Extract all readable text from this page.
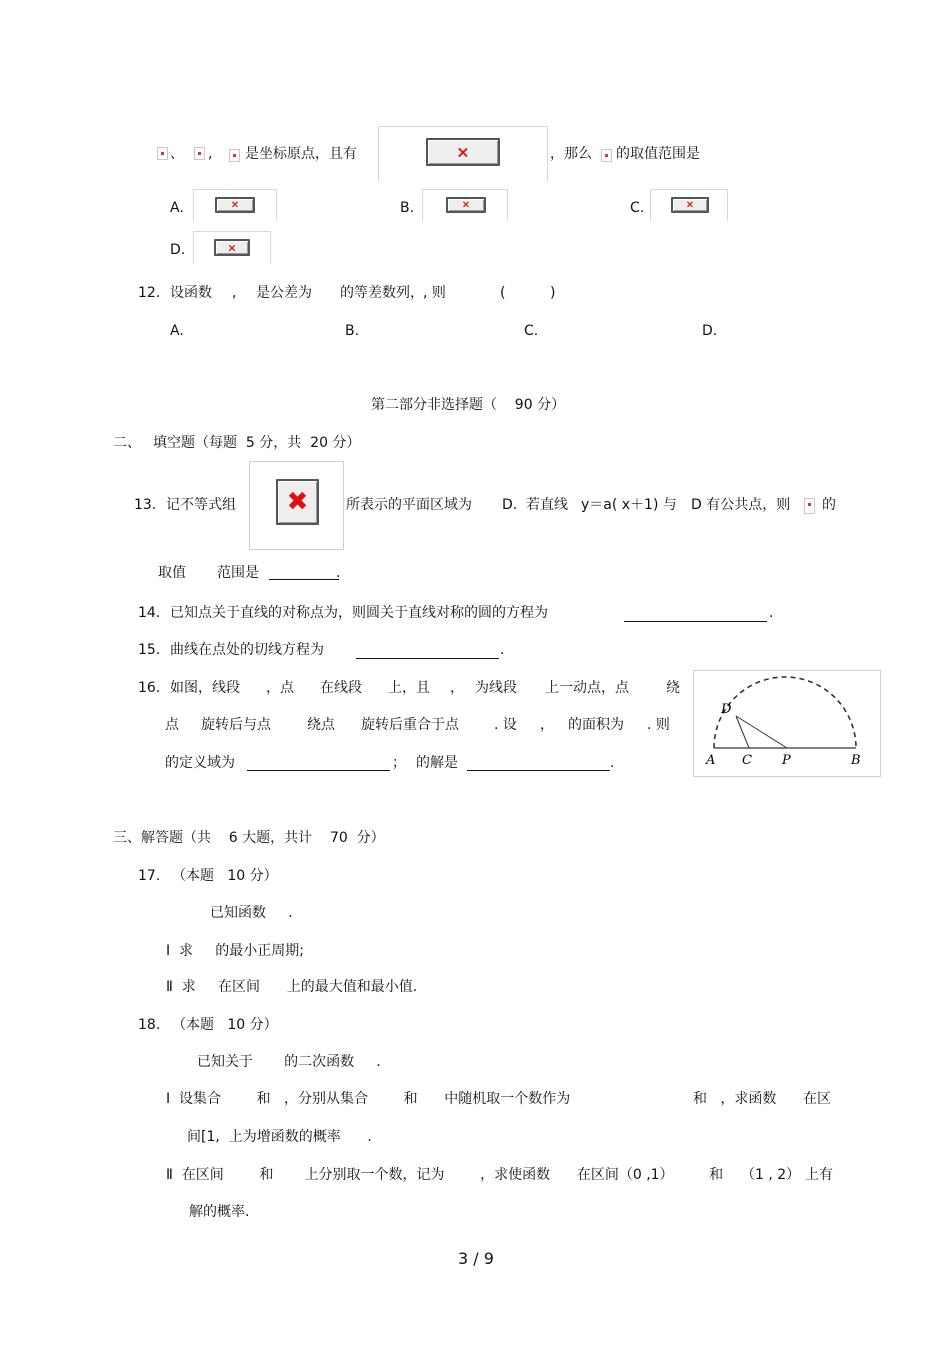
、 , 是坐标原点，且有	⨯	，那么 的取值范围是
A.	⨯	B.	⨯	C.	⨯
D.	⨯
12. 设函数 , 是公差为 的等差数列， , 则	(          )
A.	B.	C.	D.
第二部分非选择题（    90 分）
二、 填空题（每题  5 分，共  20 分）
13. 记不等式组 ✖	所表示的平面区域为 D. 若直线 y＝a( x＋1) 与 D 有公共点，则 的
取值 范围是	.
14. 已知点关于直线的对称点为，则圆关于直线对称的圆的方程为	.
15. 曲线在点处的切线方程为	.
16. 如图，线段 ，点 在线段 上，且 ， 为线段 上一动点，点	绕
点 旋转后与点	绕点 旋转后重合于点	. 设 ， 的面积为 . 则
的定义域为	； 的解是	.
D
A C P	B
三、解答题（共    6 大题，共计    70  分）
17. （本题   10 分）
已知函数     .
Ⅰ  求     的最小正周期;
Ⅱ  求     在区间      上的最大值和最小值.
18. （本题   10 分）
已知关于       的二次函数     .
Ⅰ  设集合        和   ，分别从集合        和      中随机取一个数作为	和   ，求函数      在区
间[1,  上为增函数的概率      .
Ⅱ  在区间        和       上分别取一个数，记为        ，求使函数      在区间（0 ,1）        和    （1 , 2） 上有
解的概率.
3 / 9
